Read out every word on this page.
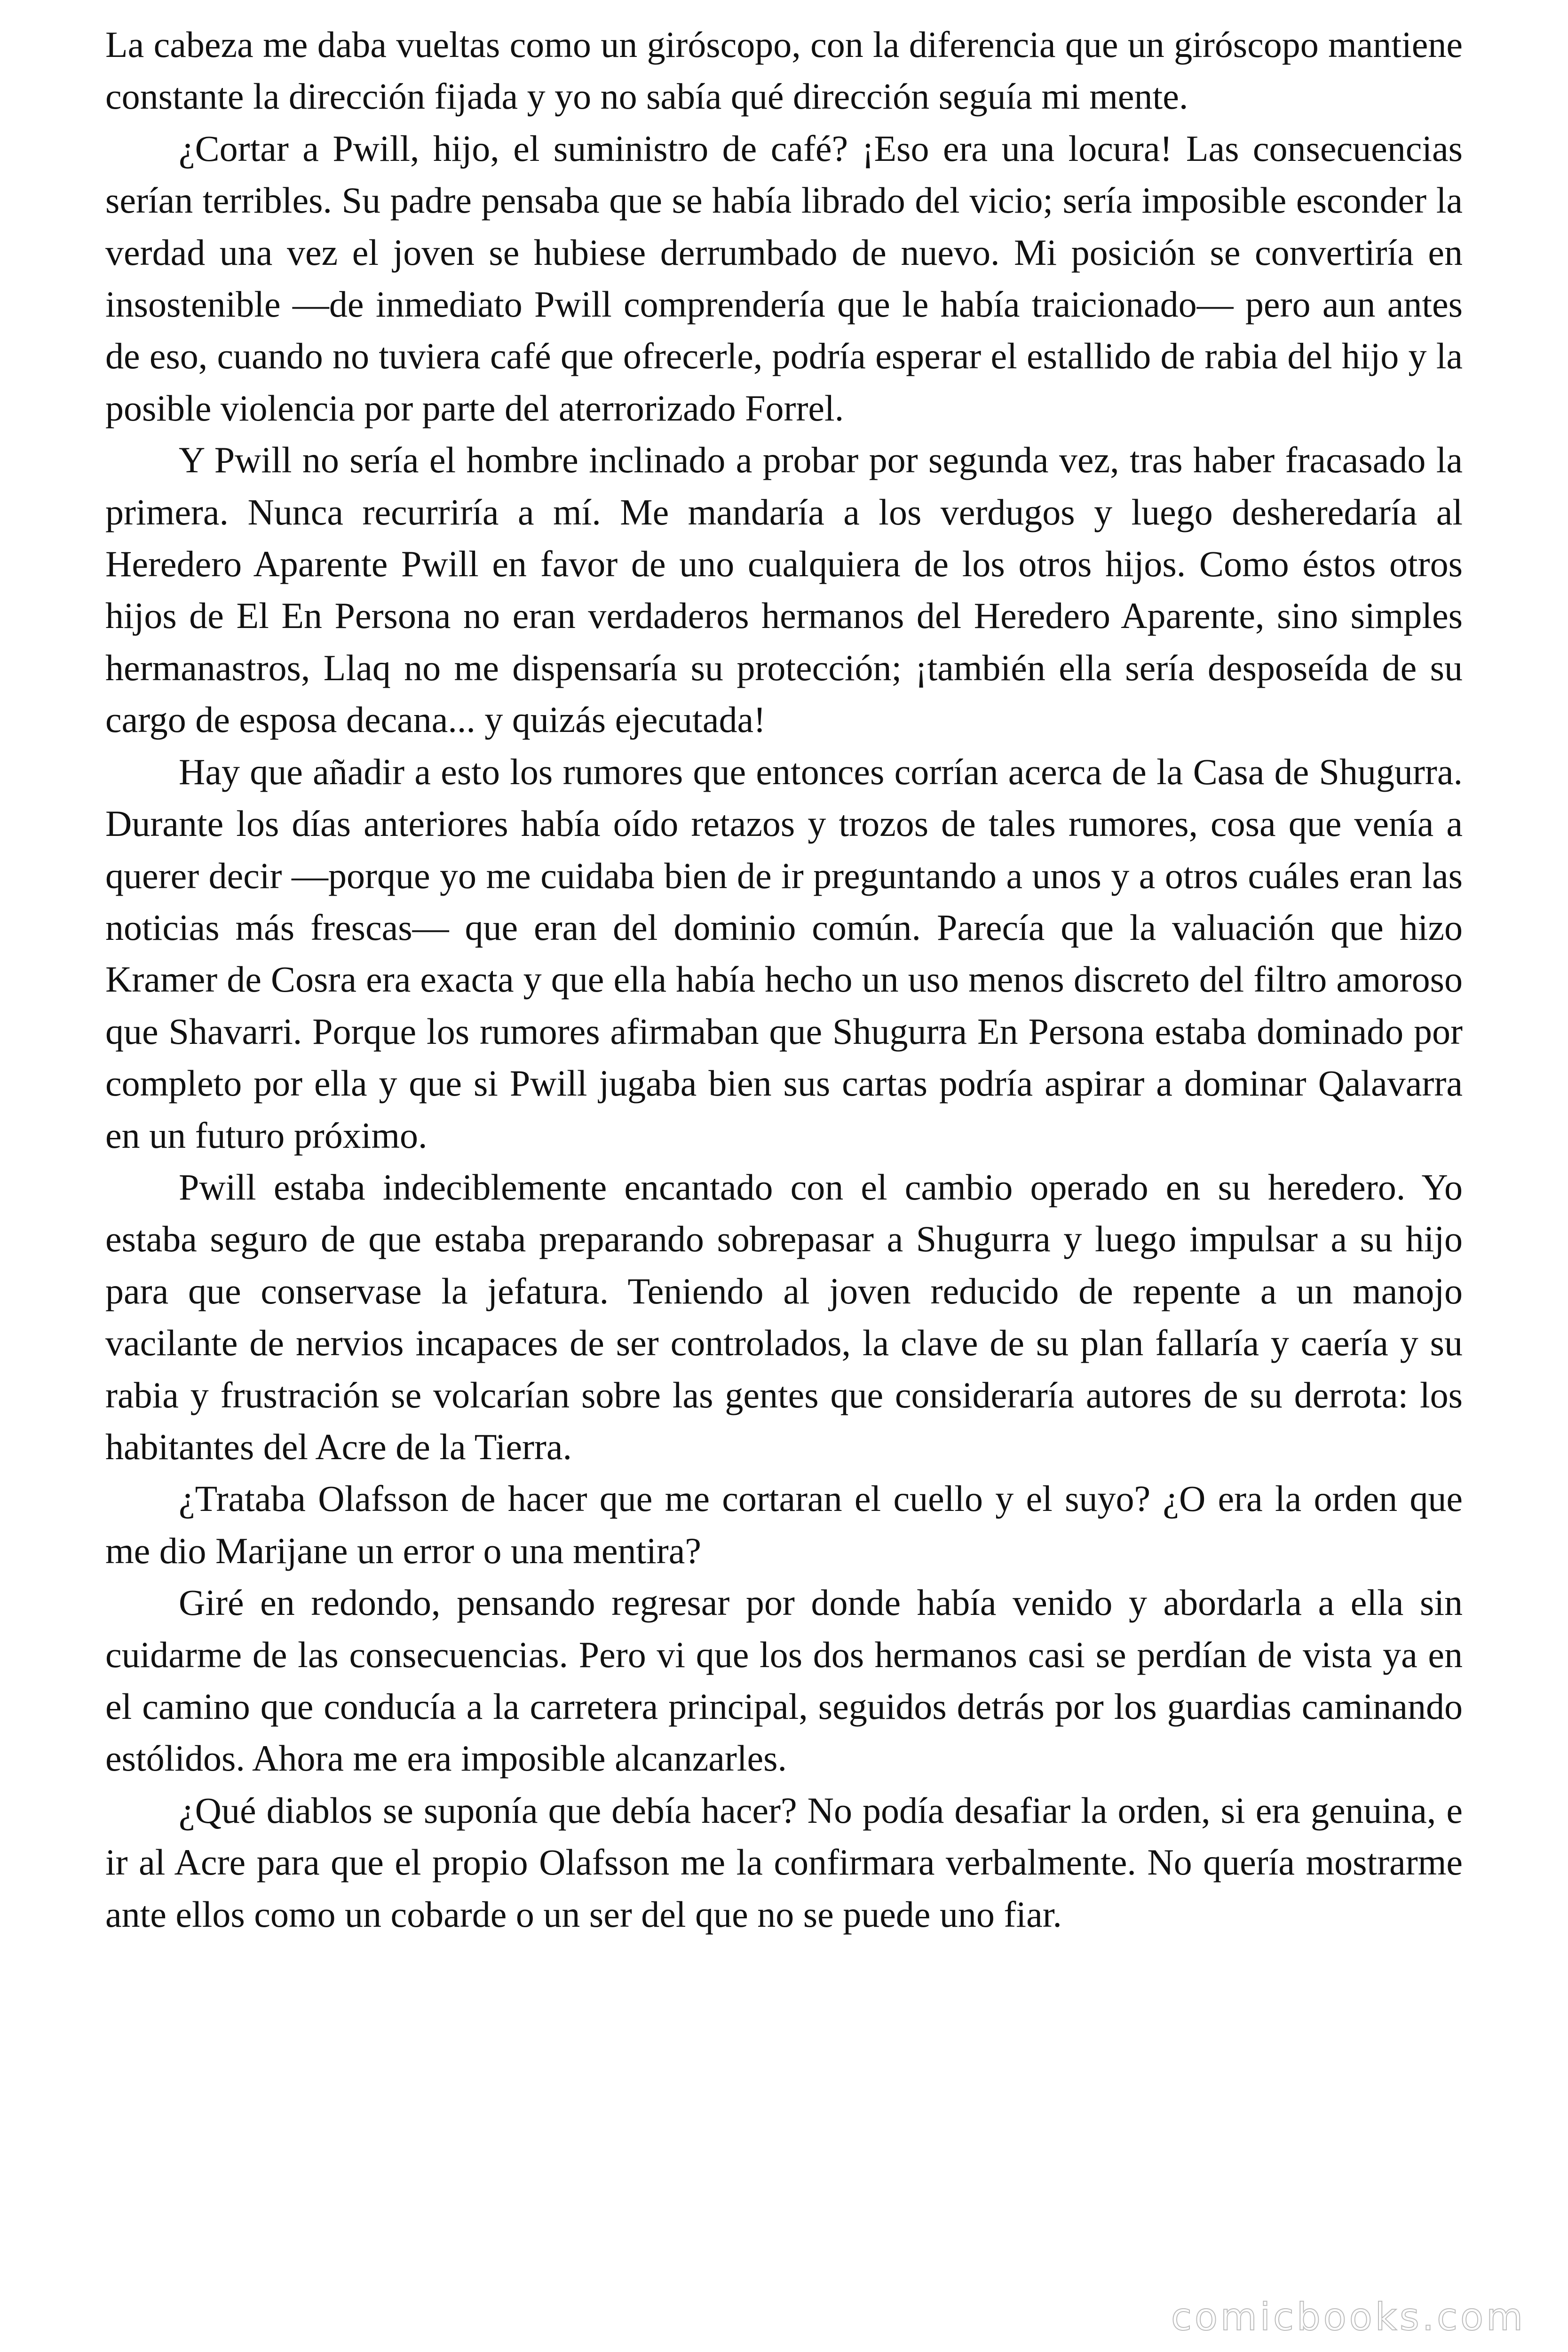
La cabeza me daba vueltas como un giróscopo, con la diferencia que un giróscopo mantiene constante la dirección fijada y yo no sabía qué dirección seguía mi mente.

¿Cortar a Pwill, hijo, el suministro de café? ¡Eso era una locura! Las consecuencias serían terribles. Su padre pensaba que se había librado del vicio; sería imposible esconder la verdad una vez el joven se hubiese derrumbado de nuevo. Mi posición se convertiría en insostenible —de inmediato Pwill comprendería que le había traicionado— pero aun antes de eso, cuando no tuviera café que ofrecerle, podría esperar el estallido de rabia del hijo y la posible violencia por parte del aterrorizado Forrel.

Y Pwill no sería el hombre inclinado a probar por segunda vez, tras haber fracasado la primera. Nunca recurriría a mí. Me mandaría a los verdugos y luego desheredaría al Heredero Aparente Pwill en favor de uno cualquiera de los otros hijos. Como éstos otros hijos de El En Persona no eran verdaderos hermanos del Heredero Aparente, sino simples hermanastros, Llaq no me dispensaría su protección; ¡también ella sería desposeída de su cargo de esposa decana... y quizás ejecutada!

Hay que añadir a esto los rumores que entonces corrían acerca de la Casa de Shugurra. Durante los días anteriores había oído retazos y trozos de tales rumores, cosa que venía a querer decir —porque yo me cuidaba bien de ir preguntando a unos y a otros cuáles eran las noticias más frescas— que eran del dominio común. Parecía que la valuación que hizo Kramer de Cosra era exacta y que ella había hecho un uso menos discreto del filtro amoroso que Shavarri. Porque los rumores afirmaban que Shugurra En Persona estaba dominado por completo por ella y que si Pwill jugaba bien sus cartas podría aspirar a dominar Qalavarra en un futuro próximo.

Pwill estaba indeciblemente encantado con el cambio operado en su heredero. Yo estaba seguro de que estaba preparando sobrepasar a Shugurra y luego impulsar a su hijo para que conservase la jefatura. Teniendo al joven reducido de repente a un manojo vacilante de nervios incapaces de ser controlados, la clave de su plan fallaría y caería y su rabia y frustración se volcarían sobre las gentes que consideraría autores de su derrota: los habitantes del Acre de la Tierra.

¿Trataba Olafsson de hacer que me cortaran el cuello y el suyo? ¿O era la orden que me dio Marijane un error o una mentira?

Giré en redondo, pensando regresar por donde había venido y abordarla a ella sin cuidarme de las consecuencias. Pero vi que los dos hermanos casi se perdían de vista ya en el camino que conducía a la carretera principal, seguidos detrás por los guardias caminando estólidos. Ahora me era imposible alcanzarles.

¿Qué diablos se suponía que debía hacer? No podía desafiar la orden, si era genuina, e ir al Acre para que el propio Olafsson me la confirmara verbalmente. No quería mostrarme ante ellos como un cobarde o un ser del que no se puede uno fiar.

comicbooks.com
